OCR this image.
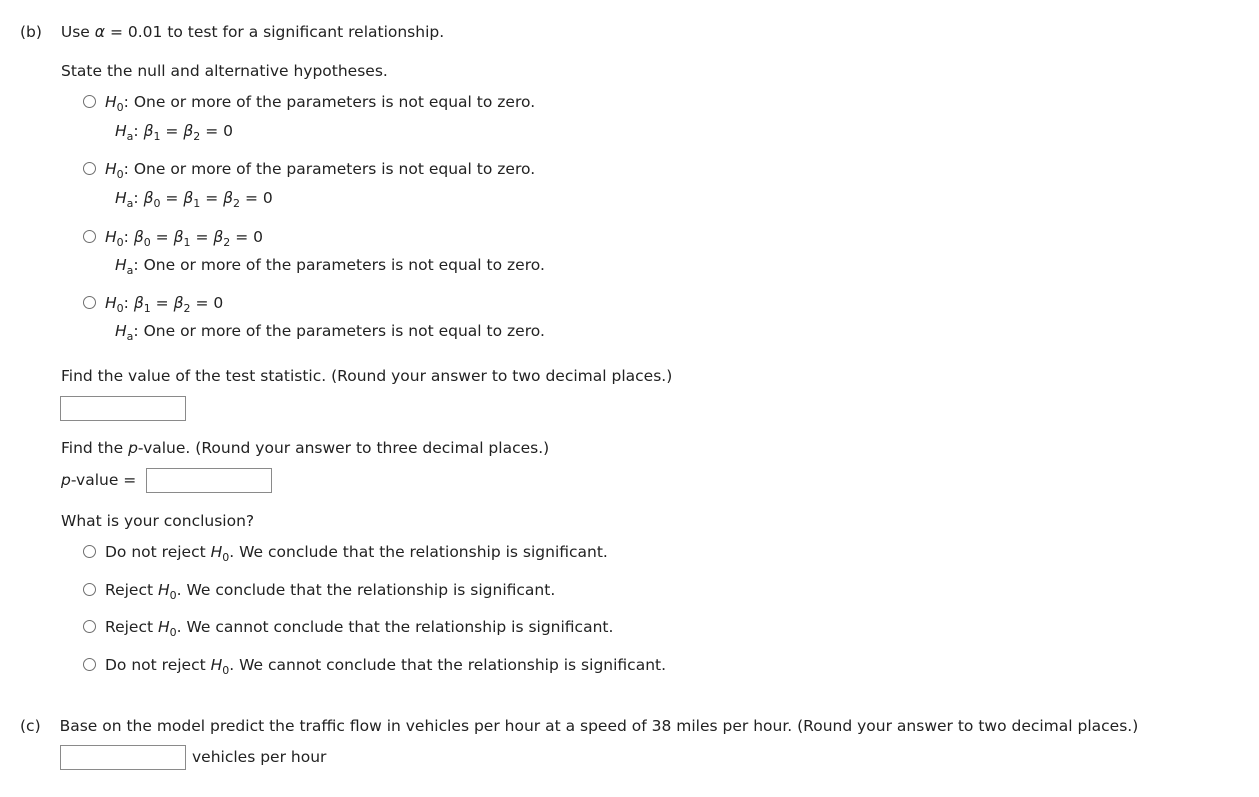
(b) Use α = 0.01 to test for a significant relationship.
State the null and alternative hypotheses.
$H_0$: One or more of the parameters is not equal to zero.
$H_a$: $\beta_1 = \beta_2 = 0$
$H_0$: One or more of the parameters is not equal to zero.
$H_a$: $\beta_0 = \beta_1 = \beta_2 = 0$
$H_0$: $\beta_0 = \beta_1 = \beta_2 = 0$
$H_a$: One or more of the parameters is not equal to zero.
$H_0$: $\beta_1 = \beta_2 = 0$
$H_a$: One or more of the parameters is not equal to zero.
Find the value of the test statistic. (Round your answer to two decimal places.)
Find the p-value. (Round your answer to three decimal places.)
p-value =
What is your conclusion?
Do not reject $H_0$. We conclude that the relationship is significant.
Reject $H_0$. We conclude that the relationship is significant.
Reject $H_0$. We cannot conclude that the relationship is significant.
Do not reject $H_0$. We cannot conclude that the relationship is significant.
(c) Base on the model predict the traffic flow in vehicles per hour at a speed of 38 miles per hour. (Round your answer to two decimal places.)
vehicles per hour
